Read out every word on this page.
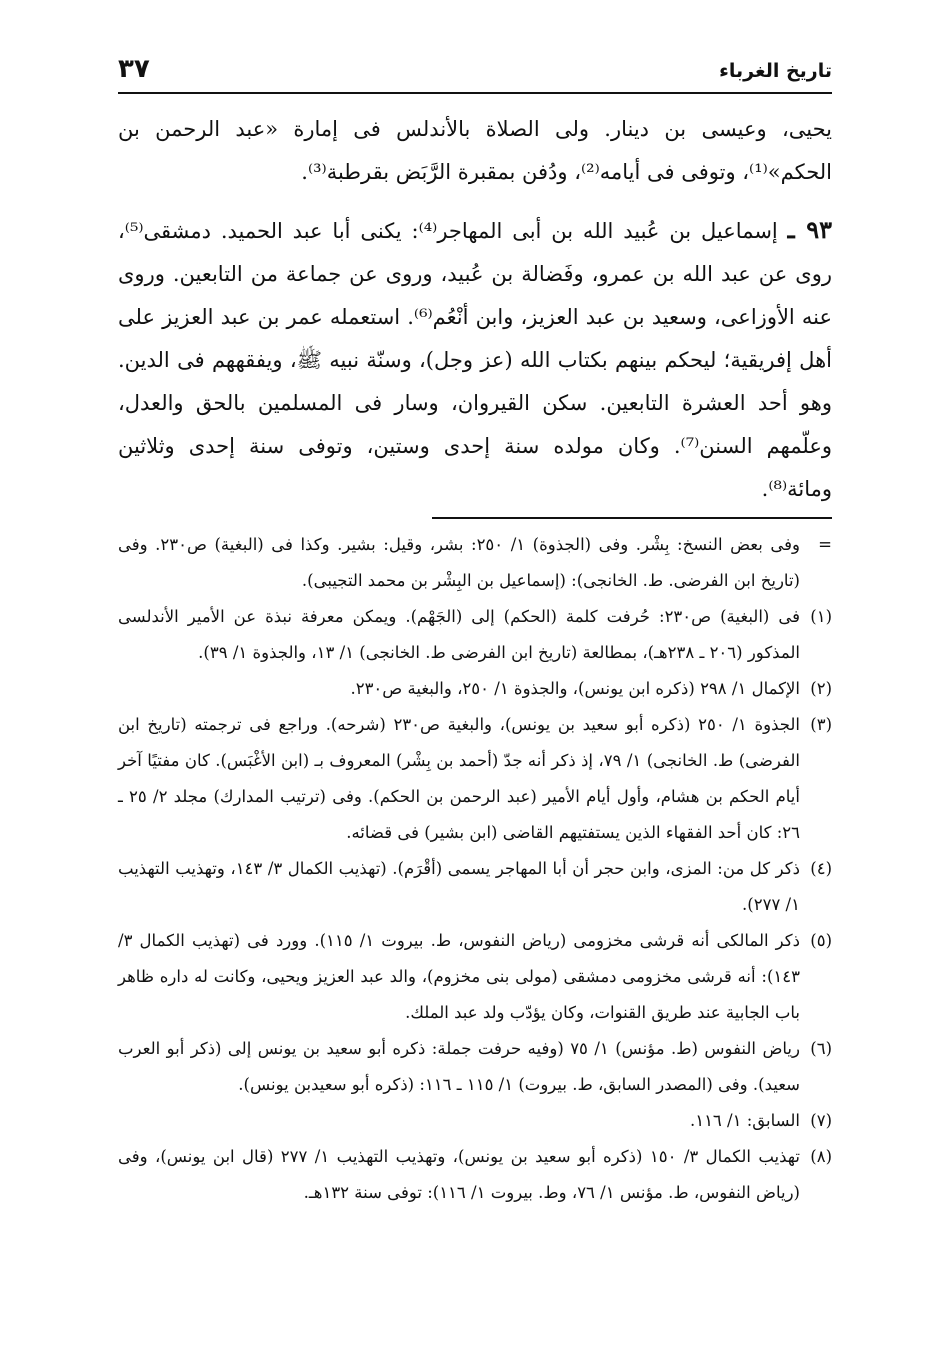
تاريخ الغرباء
٣٧

يحيى، وعيسى بن دينار. ولى الصلاة بالأندلس فى إمارة «عبد الرحمن بن الحكم»⁽¹⁾، وتوفى فى أيامه⁽²⁾، ودُفن بمقبرة الرَّبَض بقرطبة⁽³⁾.

٩٣ ـ إسماعيل بن عُبيد الله بن أبى المهاجر⁽⁴⁾: يكنى أبا عبد الحميد. دمشقى⁽⁵⁾، روى عن عبد الله بن عمرو، وفَضالة بن عُبيد، وروى عن جماعة من التابعين. وروى عنه الأوزاعى، وسعيد بن عبد العزيز، وابن أنْعُم⁽⁶⁾. استعمله عمر بن عبد العزيز على أهل إفريقية؛ ليحكم بينهم بكتاب الله (عز وجل)، وسنّة نبيه ﷺ، ويفقههم فى الدين. وهو أحد العشرة التابعين. سكن القيروان، وسار فى المسلمين بالحق والعدل، وعلّمهم السنن⁽⁷⁾. وكان مولده سنة إحدى وستين، وتوفى سنة إحدى وثلاثين ومائة⁽⁸⁾.

=
وفى بعض النسخ: بِشْر. وفى (الجذوة) ١/ ٢٥٠: بشر، وقيل: بشير. وكذا فى (البغية) ص٢٣٠. وفى (تاريخ ابن الفرضى. ط. الخانجى): (إسماعيل بن البِشْر بن محمد التجيبى).
(١)
فى (البغية) ص٢٣٠: حُرفت كلمة (الحكم) إلى (الجَهْم). ويمكن معرفة نبذة عن الأمير الأندلسى المذكور (٢٠٦ ـ ٢٣٨هـ)، بمطالعة (تاريخ ابن الفرضى ط. الخانجى) ١/ ١٣، والجذوة ١/ ٣٩).
(٢)
الإكمال ١/ ٢٩٨ (ذكره ابن يونس)، والجذوة ١/ ٢٥٠، والبغية ص٢٣٠.
(٣)
الجذوة ١/ ٢٥٠ (ذكره أبو سعيد بن يونس)، والبغية ص٢٣٠ (شرحه). وراجع فى ترجمته (تاريخ ابن الفرضى) ط. الخانجى) ١/ ٧٩، إذ ذكر أنه جدّ (أحمد بن بِشْر) المعروف بـ (ابن الأغْبَس). كان مفتيًا آخر أيام الحكم بن هشام، وأول أيام الأمير (عبد الرحمن بن الحكم). وفى (ترتيب المدارك) مجلد ٢/ ٢٥ ـ ٢٦: كان أحد الفقهاء الذين يستفتيهم القاضى (ابن بشير) فى قضائه.
(٤)
ذكر كل من: المزى، وابن حجر أن أبا المهاجر يسمى (أقْرَم). (تهذيب الكمال ٣/ ١٤٣، وتهذيب التهذيب ١/ ٢٧٧).
(٥)
ذكر المالكى أنه قرشى مخزومى (رياض النفوس، ط. بيروت ١/ ١١٥). وورد فى (تهذيب الكمال ٣/ ١٤٣): أنه قرشى مخزومى دمشقى (مولى بنى مخزوم)، والد عبد العزيز ويحيى، وكانت له داره ظاهر باب الجابية عند طريق القنوات، وكان يؤدّب ولد عبد الملك.
(٦)
رياض النفوس (ط. مؤنس) ١/ ٧٥ (وفيه حرفت جملة: ذكره أبو سعيد بن يونس إلى (ذكر أبو العرب سعيد). وفى (المصدر السابق، ط. بيروت) ١/ ١١٥ ـ ١١٦: (ذكره أبو سعيدبن يونس).
(٧)
السابق: ١/ ١١٦.
(٨)
تهذيب الكمال ٣/ ١٥٠ (ذكره أبو سعيد بن يونس)، وتهذيب التهذيب ١/ ٢٧٧ (قال ابن يونس)، وفى (رياض النفوس، ط. مؤنس ١/ ٧٦، وط. بيروت ١/ ١١٦): توفى سنة ١٣٢هـ.
